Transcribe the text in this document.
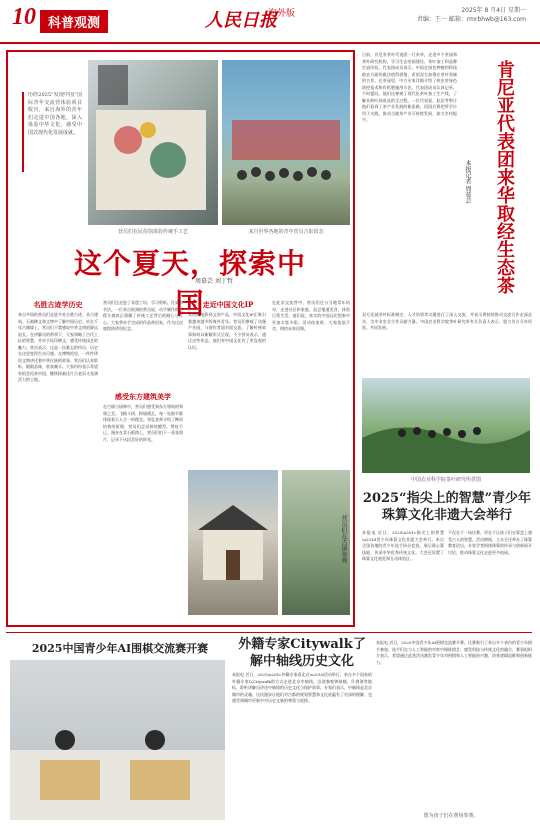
10 科普观测	人民日报
海外版	2025年 8 月4日 星期一
责编：王一 邮箱：rmrbhwb@163.com
历经2025“发现中国”国际青年交流营体验项目收官，来自海外的青年们走进中国各地，深入体验中华文化，感受中国式现代化发展成就。
营员们在民俗馆体验传统手工艺	来自世界各地的青年营员合影留念
这个夏天，探索中国
周慕芸 刘丁哲
名胜古迹学历史
来自多国的营员们走进多处名胜古迹，从古建筑、石刻碑文和文物中了解中国历史。站在千年古城墙上，营员们不禁感叹中华文明的源远流长。在讲解员的带领下，大家领略了古代工匠的智慧，并亲手拓印碑文，感受传统技艺的魅力。营员表示，这是一次难忘的经历，历史在这里变得生动可感。在博物馆里，一件件珍贵文物讲述着中华民族的故事，营员们认真聆听、细细品味，收获颇丰。大家纷纷表示希望有机会再来中国，继续探索这片古老而又充满活力的土地。
营员们还走进了非遗工坊，学习剪纸、扎染和书法。一位来自欧洲的营员说，动手制作的过程让她真正理解了传统工艺背后的耐心与匠心。大家将亲手完成的作品带回家，作为这次旅程的珍贵纪念。
感受东方建筑美学
在古镇与园林中，营员们感受到东方建筑的和谐之美。飞檐斗拱、粉墙黛瓦，每一处细节都体现着天人合一的理念。导览老师介绍了榫卯结构的原理，营员们尝试拼装模型，赞叹不已。漫步在青石板路上，营员们拍下一张张照片，记录下这段美好的时光。
走近中国文化IP
从动画电影到文创产品，中国文化IP正吸引着越来越多的海外青年。营员们参观了动漫产业园，与创作者面对面交流，了解传统故事如何以新颖形式呈现。不少营员表示，通过这些作品，他们对中国文化有了更直观的认识。
在此次交流营中，营员们还与当地青年结对，走进社区和家庭，品尝地道美食，体验日常生活。他们说，真实的中国远比想象中更加丰富多彩。活动结束时，大家依依不舍，相约未来再聚。
营员们在古镇参观
日前，肯尼亚茶叶代表团一行来华，走进多个茶园和茶叶研究机构，学习生态茶园建设、茶叶加工和品牌打造经验。代表团成员表示，中国在绿色种植和科技助农方面的做法值得借鉴，希望双方加强在茶叶领域的合作。在茶园里，中方专家详细介绍了病虫害绿色防控技术和有机肥施用方法。代表团成员认真记录，不时提问。他们还参观了现代化茶叶加工生产线，了解从鲜叶到成品的全过程。一位代表说，此次考察让他们看到了茶产业发展的新思路，回国后将把所学应用于实践，推动当地茶产业可持续发展，助力乡村振兴。
本报记者 周慕芸	肯尼亚代表团来华取经生态茶
双方还就茶叶标准制定、人才培训等议题进行了深入交流，并表示将持续推动交流合作走深走实，为中非农业合作贡献力量。中国农业科学院茶叶研究所有关负责人表示，愿与肯方分享经验、共同发展。
中国农业科学院茶叶研究所供图
2025“指尖上的智慧”青少年珠算文化非遗大会举行
本报电 近日，2025\u201c指尖上的智慧\u201d青少年珠算文化非遗大会举行。来自全国各地的青少年选手同台竞技，展示珠心算技能，传承中华优秀传统文化。大会还设置了珠算文化展览和互动体验区。
不仅在于一场比赛，更在于让孩子们在算盘上感受古人的智慧。活动期间，主办方还举办了珠算教育论坛，专家学者围绕珠算的传承与创新展开讨论，推动珠算文化走进更多校园。
外籍专家Citywalk了解中轴线历史文化
本报电 近日，2025\u201c外籍专家看北京\u201d活动举行，来自多个国家的外籍专家以Citywalk的方式走进北京中轴线，沿途参观钟鼓楼、什刹海等地标，聆听讲解员讲述中轴线的历史文化与保护故事。专家们表示，中轴线是北京城市的灵魂，这次漫步让他们对古都的规划智慧和文化底蕴有了更深的理解，也感受到城市更新中对历史文脉的尊重与延续。
2025中国青少年AI围棋交流赛开赛
图为孩子们在赛场参赛。
本报电 近日，2025中国青少年AI围棋交流赛开赛。比赛吸引了来自多个省份的青少年棋手参加，选手们在与人工智能的对弈中锤炼棋艺，感受科技与传统文化的融合。赛事组织方表示，希望通过此类活动激发青少年对围棋和人工智能的兴趣，培养逻辑思维和创新能力。
